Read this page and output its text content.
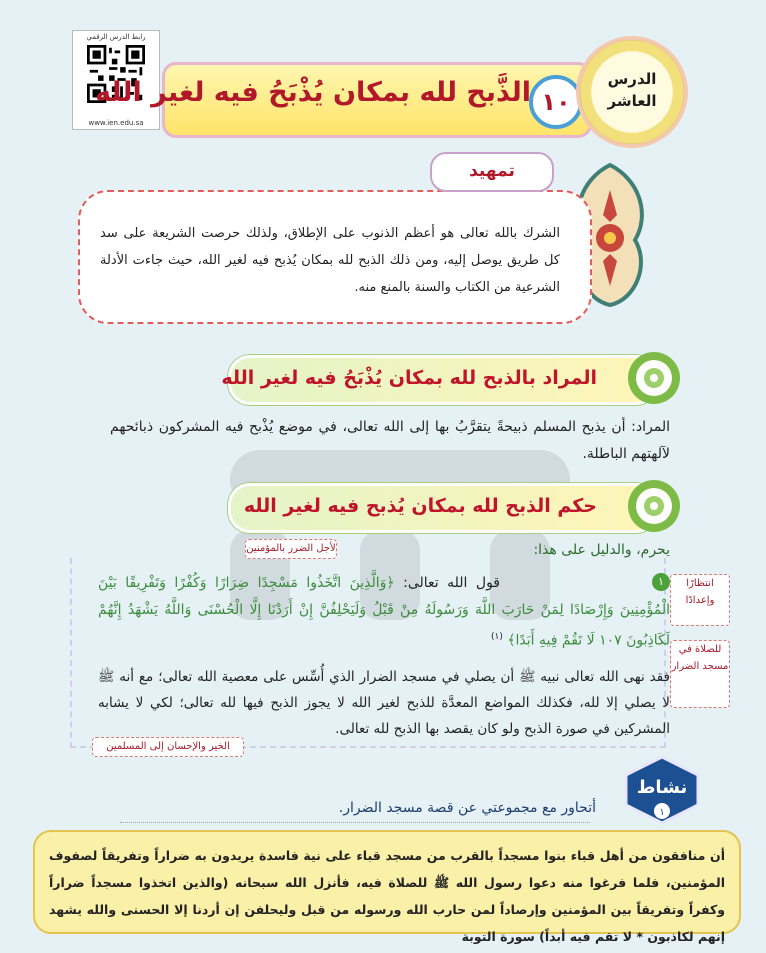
رابط الدرس الرقمي
www.ien.edu.sa
١٠
الذَّبح لله بمكان يُذْبَحُ فيه لغير الله	الدرس
العاشر
الشرك بالله تعالى هو أعظم الذنوب على الإطلاق، ولذلك حرصت الشريعة على سد كل طريق يوصل إليه، ومن ذلك الذبح لله بمكان يُذبح فيه لغير الله، حيث جاءت الأدلة الشرعية من الكتاب والسنة بالمنع منه.
تمهيد
المراد بالذبح لله بمكان يُذْبَحُ فيه لغير الله
المراد: أن يذبح المسلم ذبيحةً يتقرَّبُ بها إلى الله تعالى، في موضع يُذْبح فيه المشركون ذبائحهم لآلهتهم الباطلة.
حكم الذبح لله بمكان يُذبح فيه لغير الله
يحرم، والدليل على هذا:
لأجل الضرر بالمؤمنين
انتظارًا وإعدادًا
للصلاة في مسجد الضرار
١
قول الله تعالى: ﴿وَالَّذِينَ اتَّخَذُوا مَسْجِدًا ضِرَارًا وَكُفْرًا وَتَفْرِيقًا بَيْنَ الْمُؤْمِنِينَ وَإِرْصَادًا لِمَنْ حَارَبَ اللَّهَ وَرَسُولَهُ مِنْ قَبْلُ وَلَيَحْلِفُنَّ إِنْ أَرَدْنَا إِلَّا الْحُسْنَى وَاللَّهُ يَشْهَدُ إِنَّهُمْ لَكَاذِبُونَ ١٠٧ لَا تَقُمْ فِيهِ أَبَدًا﴾ $^{(١)}$
فقد نهى الله تعالى نبيه ﷺ أن يصلي في مسجد الضرار الذي أُسِّس على معصية الله تعالى؛ مع أنه ﷺ لا يصلي إلا لله، فكذلك المواضع المعدَّة للذبح لغير الله لا يجوز الذبح فيها لله تعالى؛ لكي لا يشابه المشركين في صورة الذبح ولو كان يقصد بها الذبح لله تعالى.
الخير والإحسان إلى المسلمين
نشاط
١
أتحاور مع مجموعتي عن قصة مسجد الضرار.
أن منافقون من أهل قباء بنوا مسجداً بالقرب من مسجد قباء على نية فاسدة يريدون به ضراراً وتفريقاً لصفوف المؤمنين، فلما فرغوا منه دعوا رسول الله ﷺ للصلاة فيه، فأنزل الله سبحانه (والذين اتخذوا مسجداً ضراراً وكفراً وتفريقاً بين المؤمنين وإرصاداً لمن حارب الله ورسوله من قبل وليحلفن إن أردنا إلا الحسنى والله يشهد إنهم لكاذبون * لا تقم فيه أبداً) سورة التوبة
